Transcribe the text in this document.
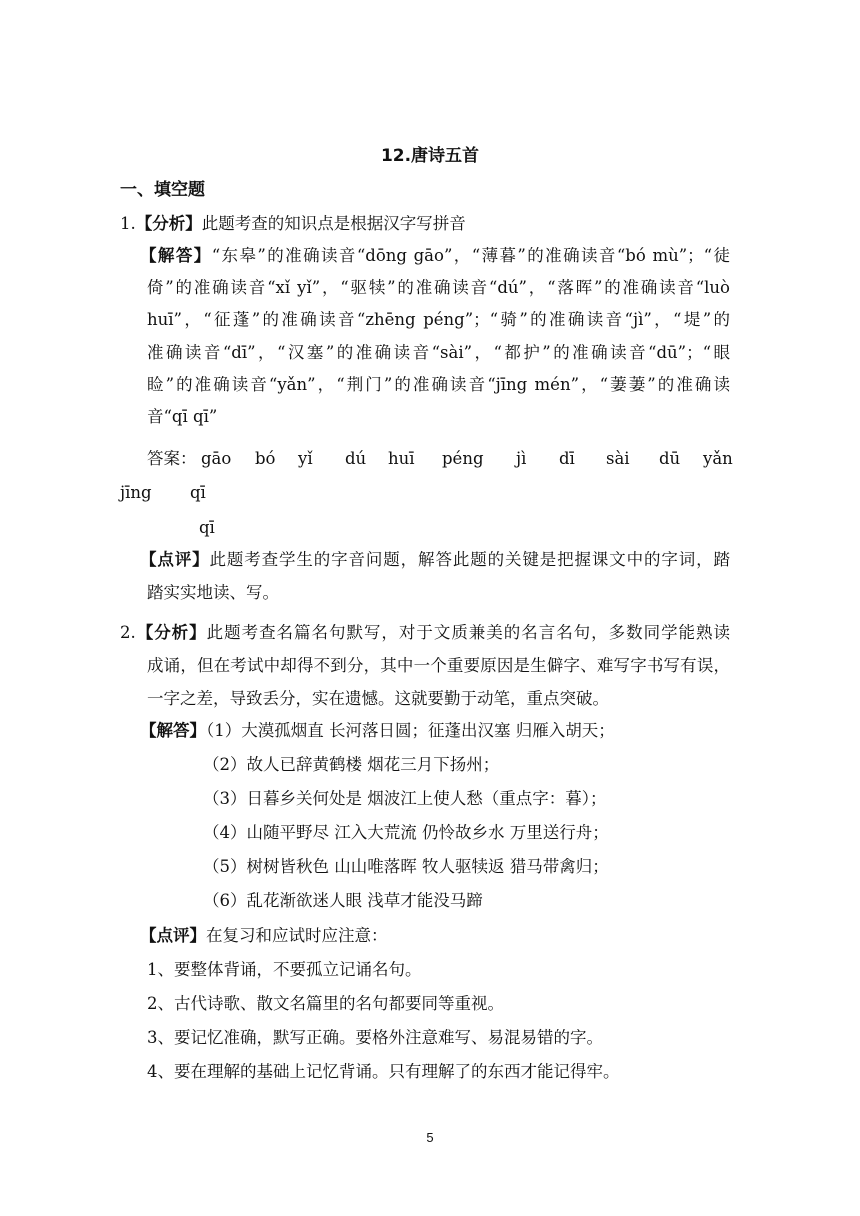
12.唐诗五首
一、填空题
1.【分析】此题考查的知识点是根据汉字写拼音
【解答】“东皋”的准确读音“dōng gāo”，“薄暮”的准确读音“bó mù”；“徒
倚”的准确读音“xǐ yǐ”，“驱犊”的准确读音“dú”，“落晖”的准确读音“luò
huī”，“征蓬”的准确读音“zhēng péng”；“骑”的准确读音“jì”，“堤”的
准确读音“dī”，“汉塞”的准确读音“sài”，“都护”的准确读音“dū”；“眼
睑”的准确读音“yǎn”，“荆门”的准确读音“jīng mén”，“萋萋”的准确读
音“qī qī”
答案： gāo bó yǐ dú huī péng jì dī sài dū yǎn
jīng qī
qī
【点评】此题考查学生的字音问题，解答此题的关键是把握课文中的字词，踏
踏实实地读、写。
2.【分析】此题考查名篇名句默写，对于文质兼美的名言名句，多数同学能熟读
成诵，但在考试中却得不到分，其中一个重要原因是生僻字、难写字书写有误，
一字之差，导致丢分，实在遗憾。这就要勤于动笔，重点突破。
【解答】（1）大漠孤烟直 长河落日圆；征蓬出汉塞 归雁入胡天；
（2）故人已辞黄鹤楼 烟花三月下扬州；
（3）日暮乡关何处是 烟波江上使人愁（重点字：暮）；
（4）山随平野尽 江入大荒流 仍怜故乡水 万里送行舟；
（5）树树皆秋色 山山唯落晖 牧人驱犊返 猎马带禽归；
（6）乱花渐欲迷人眼 浅草才能没马蹄
【点评】在复习和应试时应注意：
1、要整体背诵，不要孤立记诵名句。
2、古代诗歌、散文名篇里的名句都要同等重视。
3、要记忆准确，默写正确。要格外注意难写、易混易错的字。
4、要在理解的基础上记忆背诵。只有理解了的东西才能记得牢。
5
